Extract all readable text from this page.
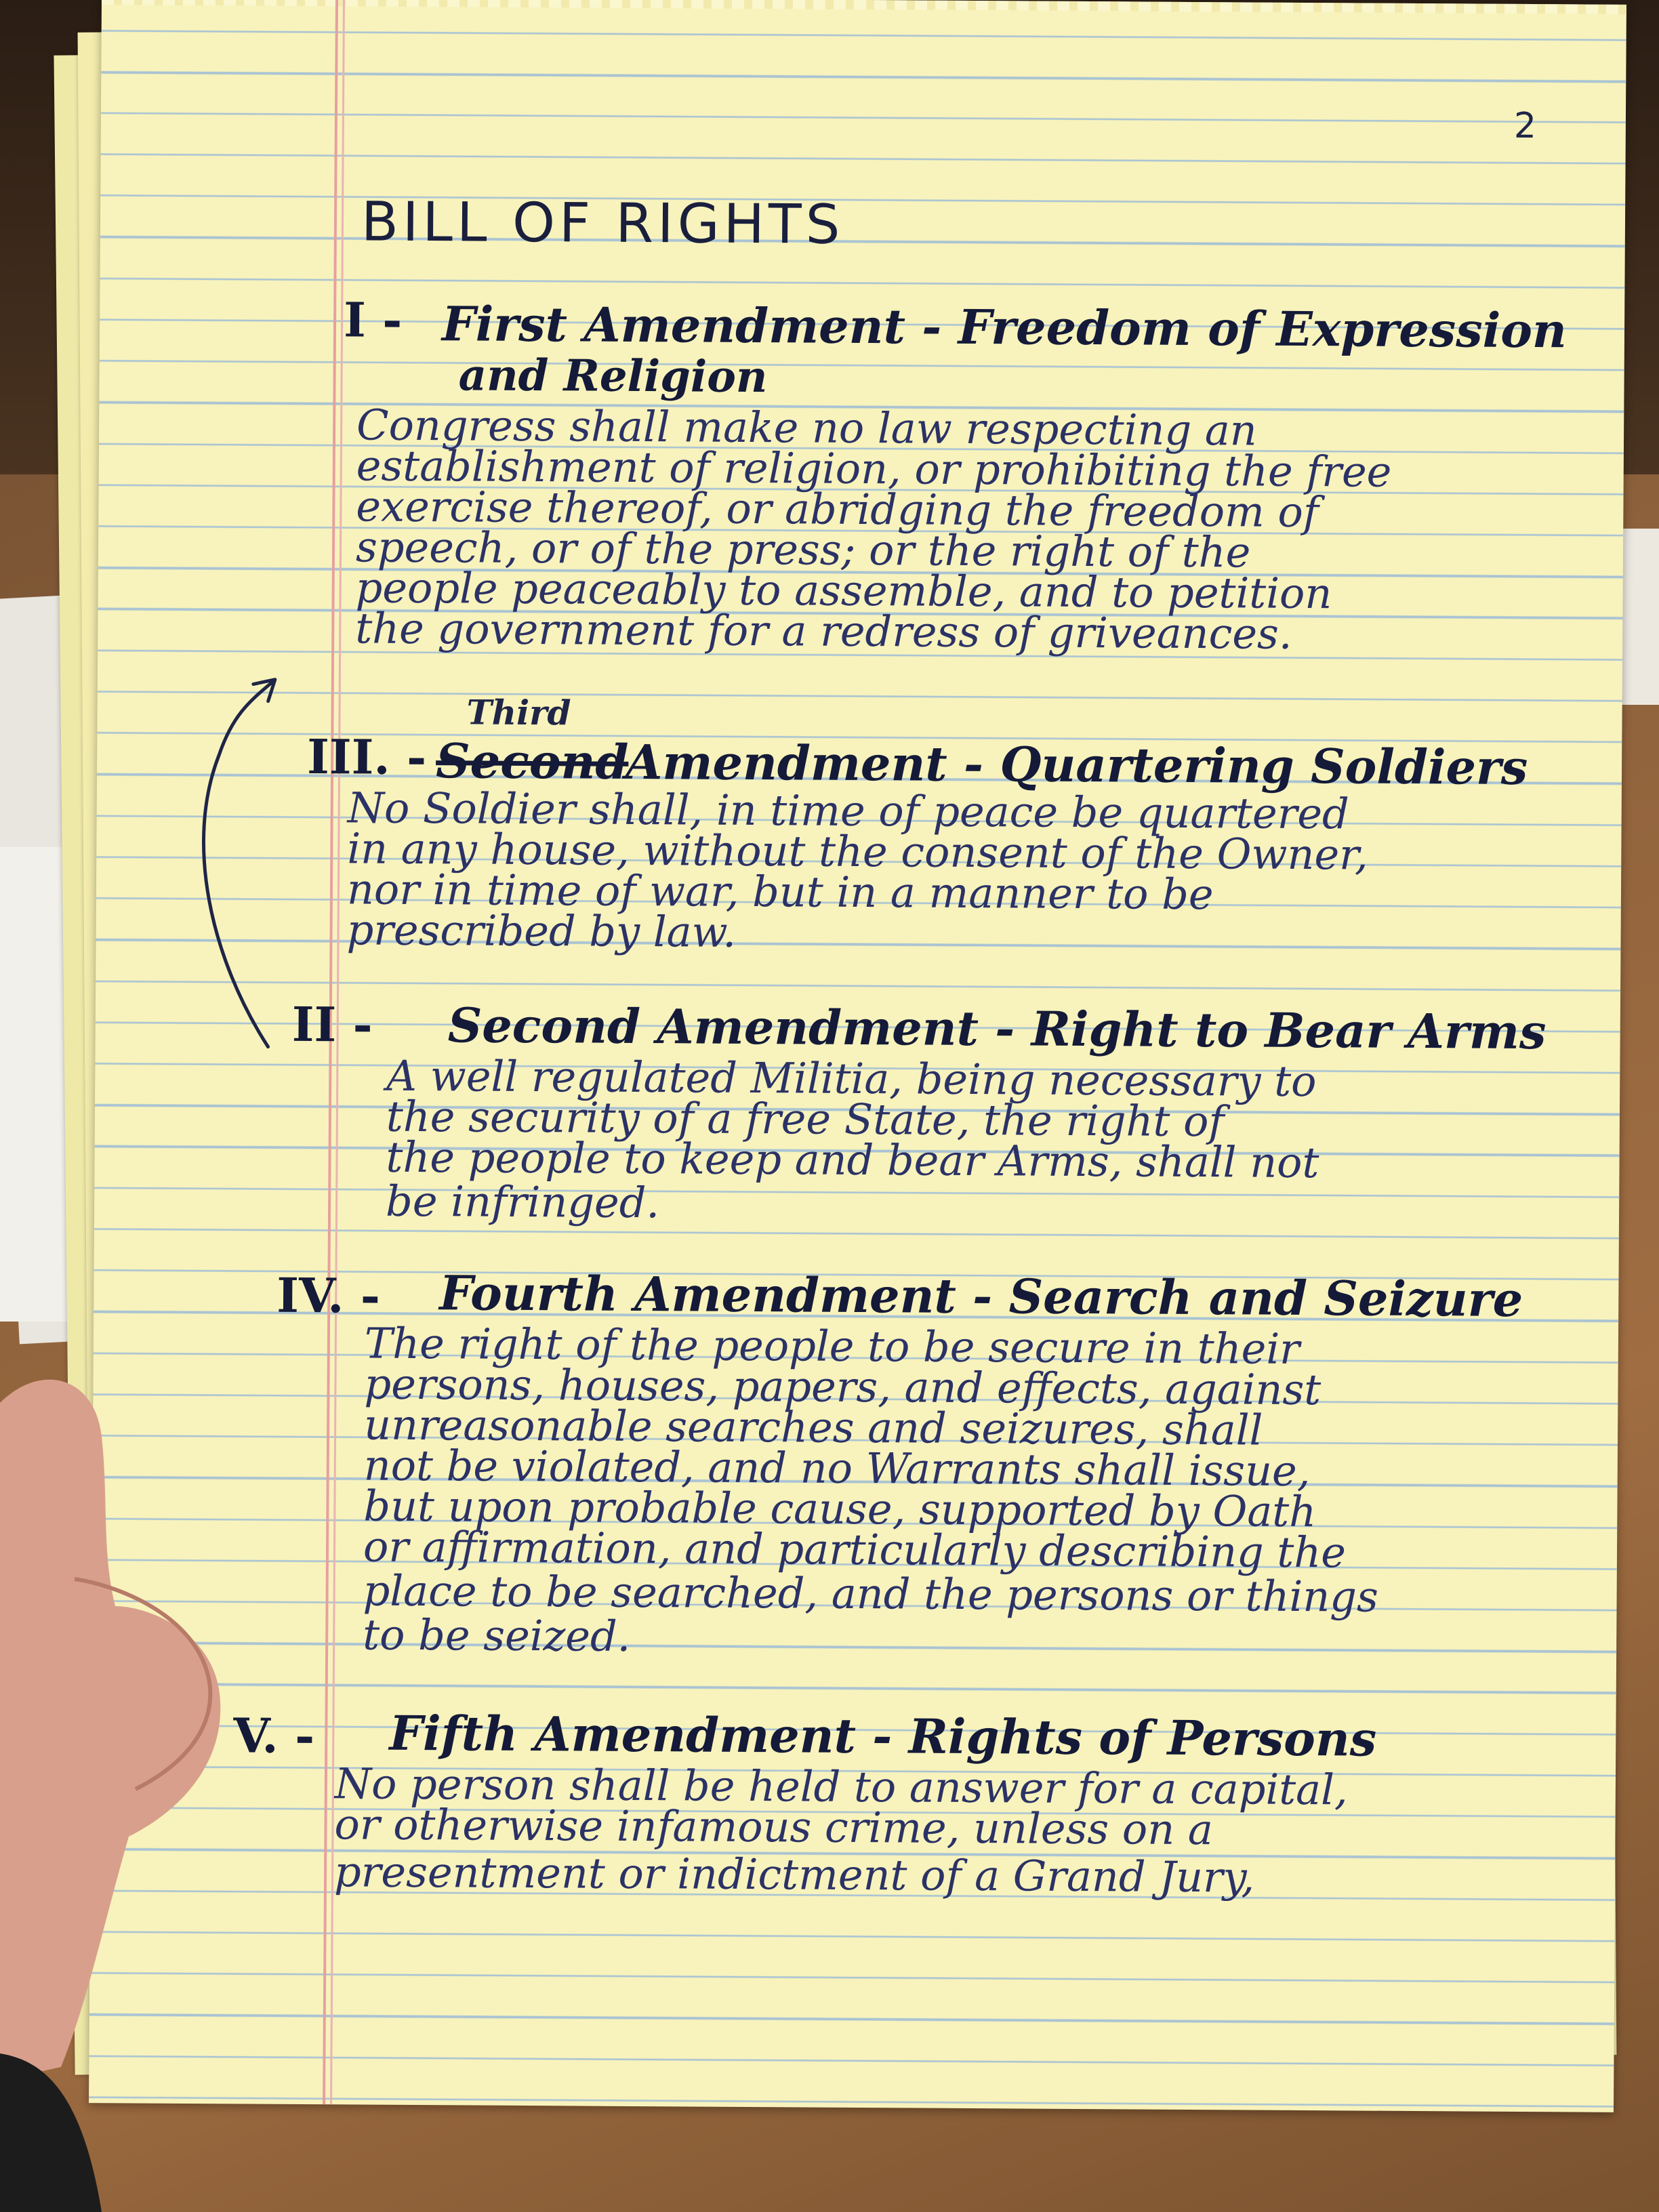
2
BILL OF RIGHTS
I - First Amendment - Freedom of Expression
and Religion
Congress shall make no law respecting an
establishment of religion, or prohibiting the free
exercise thereof, or abridging the freedom of
speech, or of the press; or the right of the
people peaceably to assemble, and to petition
the government for a redress of griveances.
Third
III. - Second
Amendment - Quartering Soldiers
No Soldier shall, in time of peace be quartered
in any house, without the consent of the Owner,
nor in time of war, but in a manner to be
prescribed by law.
II - Second Amendment - Right to Bear Arms
A well regulated Militia, being necessary to
the security of a free State, the right of
the people to keep and bear Arms, shall not
be infringed.
IV. - Fourth Amendment - Search and Seizure
The right of the people to be secure in their
persons, houses, papers, and effects, against
unreasonable searches and seizures, shall
not be violated, and no Warrants shall issue,
but upon probable cause, supported by Oath
or affirmation, and particularly describing the
place to be searched, and the persons or things
to be seized.
V. - Fifth Amendment - Rights of Persons
No person shall be held to answer for a capital,
or otherwise infamous crime, unless on a
presentment or indictment of a Grand Jury,
